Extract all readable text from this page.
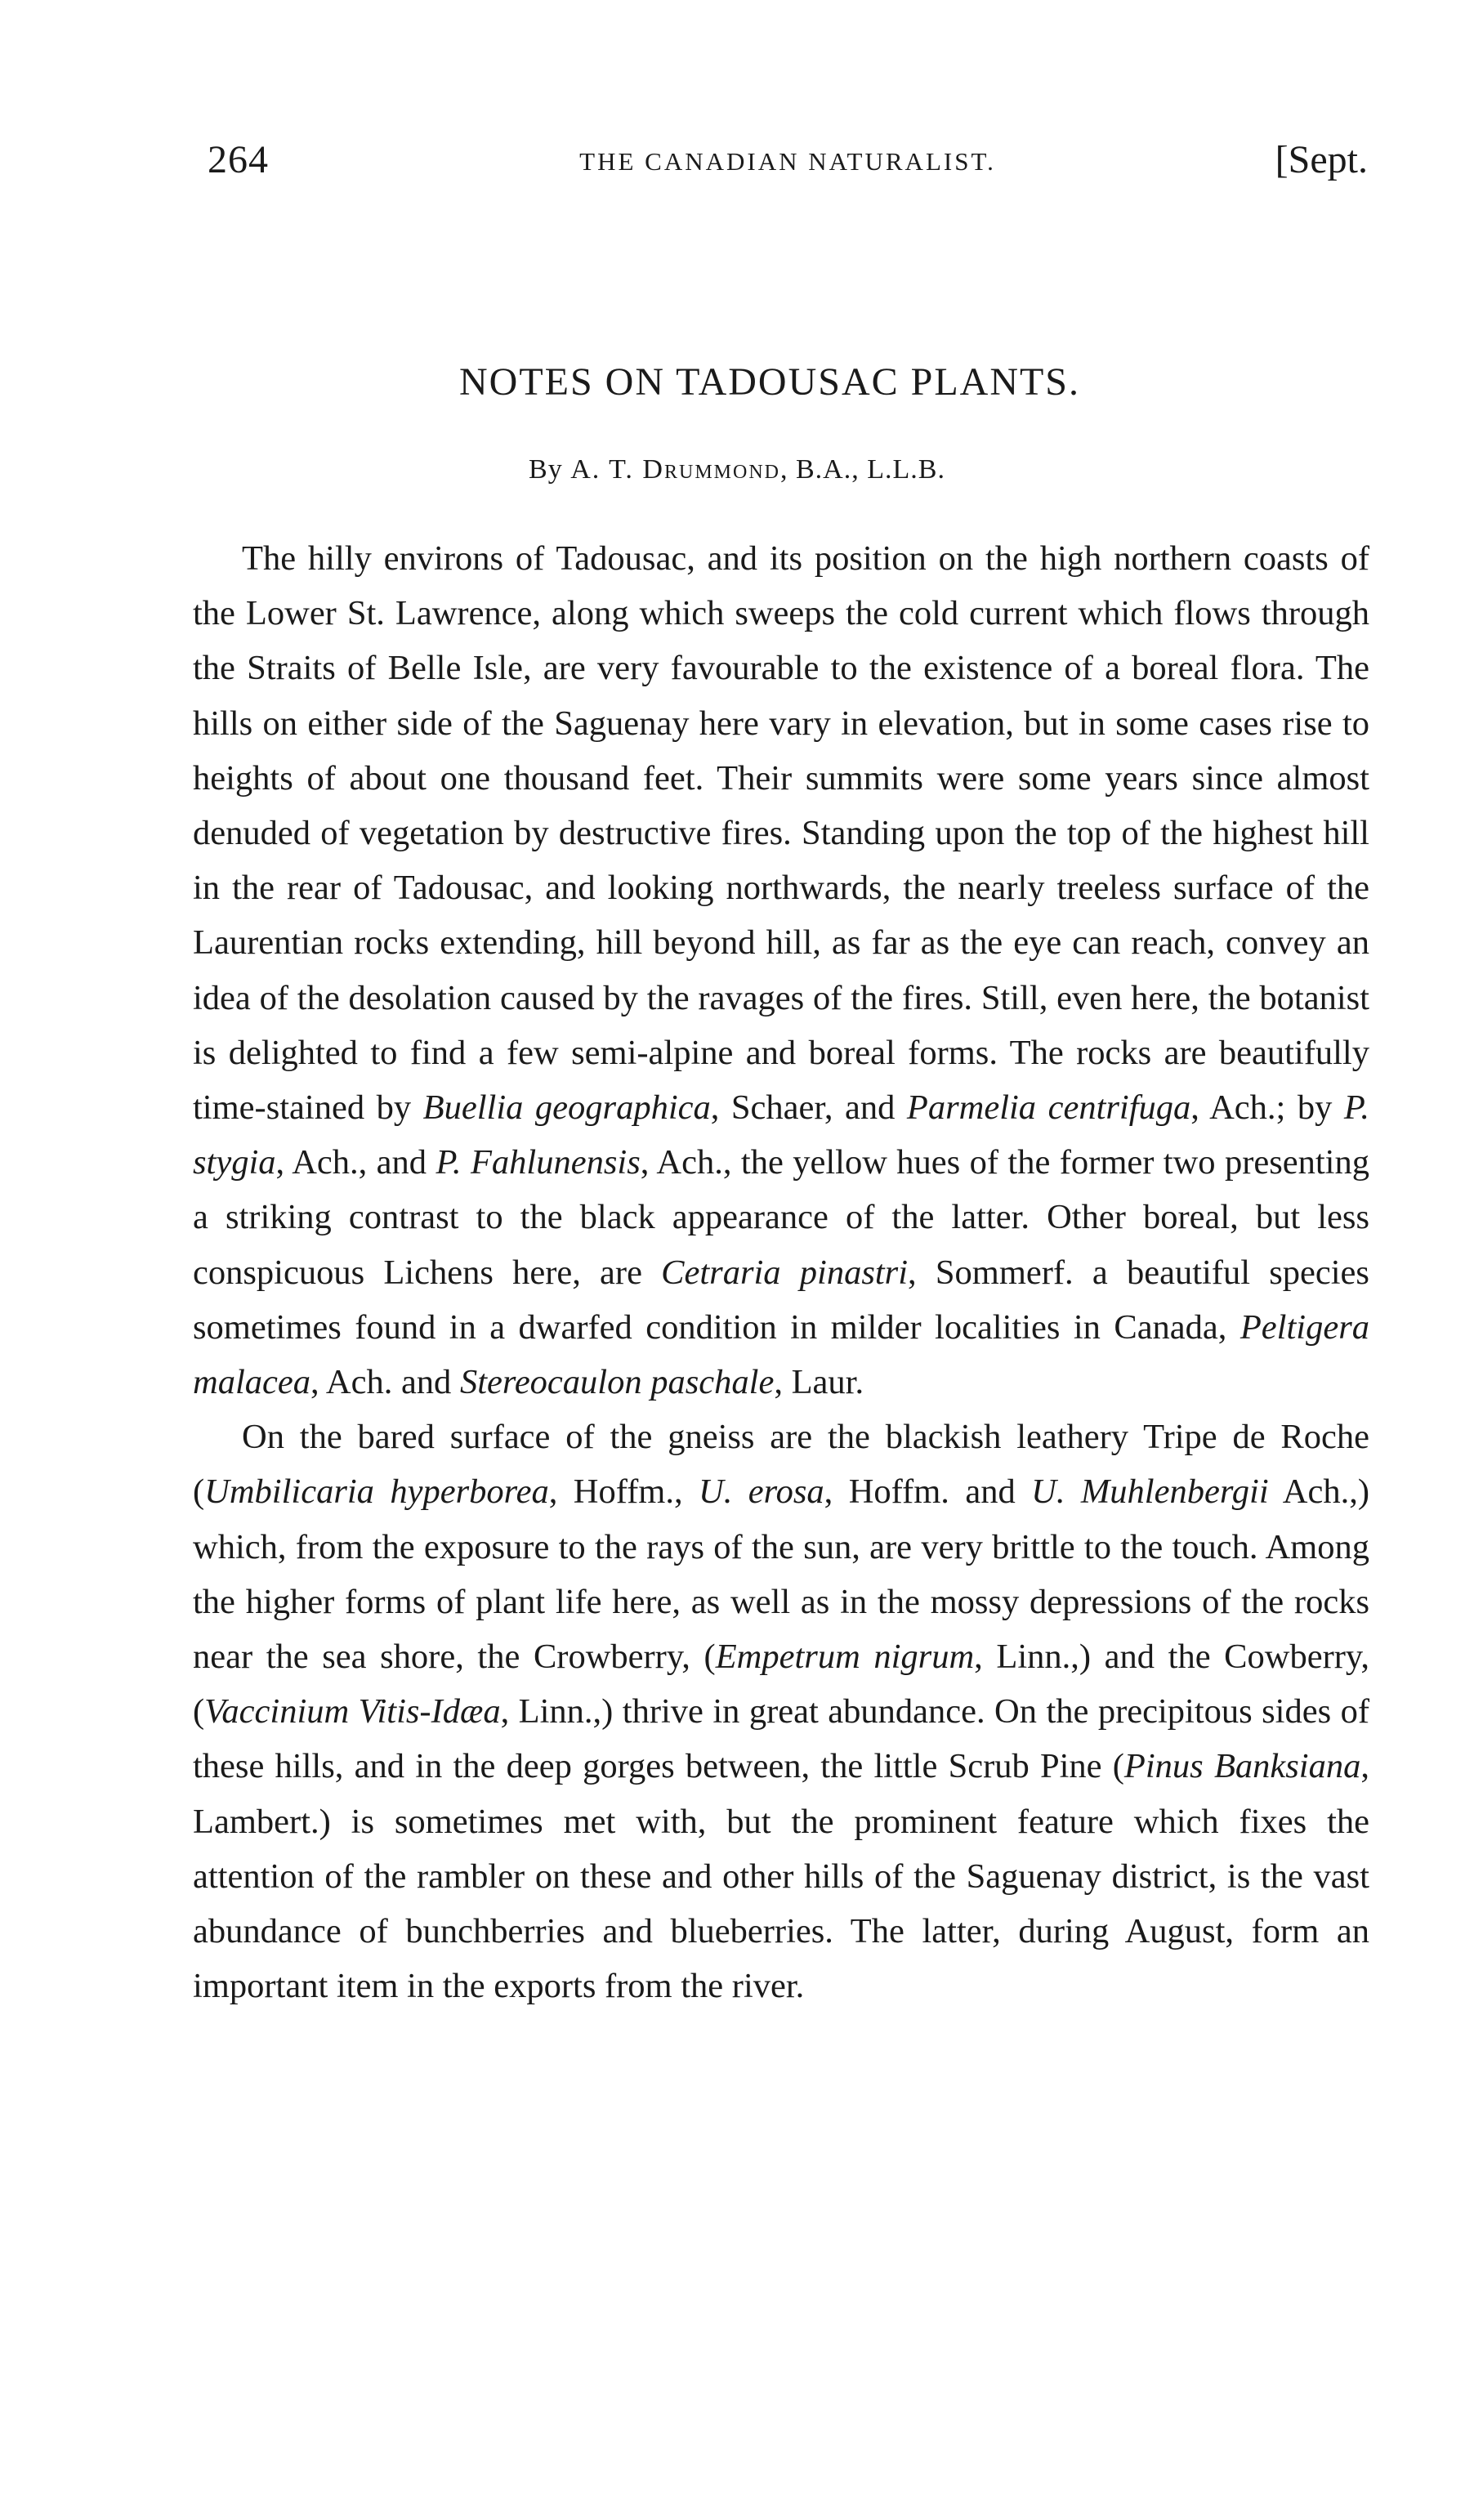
264	THE CANADIAN NATURALIST.	[Sept.
NOTES ON TADOUSAC PLANTS.
By A. T. Drummond, B.A., L.L.B.

The hilly environs of Tadousac, and its position on the high northern coasts of the Lower St. Lawrence, along which sweeps the cold current which flows through the Straits of Belle Isle, are very favourable to the existence of a boreal flora. The hills on either side of the Saguenay here vary in elevation, but in some cases rise to heights of about one thousand feet. Their summits were some years since almost denuded of vegetation by destructive fires. Standing upon the top of the highest hill in the rear of Tadousac, and looking northwards, the nearly treeless surface of the Laurentian rocks extending, hill beyond hill, as far as the eye can reach, convey an idea of the desolation caused by the ravages of the fires. Still, even here, the botanist is delighted to find a few semi-alpine and boreal forms. The rocks are beautifully time-stained by Buellia geographica, Schaer, and Parmelia centrifuga, Ach.; by P. stygia, Ach., and P. Fahlunensis, Ach., the yellow hues of the former two presenting a striking contrast to the black appearance of the latter. Other boreal, but less conspicuous Lichens here, are Cetraria pinastri, Sommerf. a beautiful species sometimes found in a dwarfed condition in milder localities in Canada, Peltigera malacea, Ach. and Stereocaulon paschale, Laur.

On the bared surface of the gneiss are the blackish leathery Tripe de Roche (Umbilicaria hyperborea, Hoffm., U. erosa, Hoffm. and U. Muhlenbergii Ach.,) which, from the exposure to the rays of the sun, are very brittle to the touch. Among the higher forms of plant life here, as well as in the mossy depressions of the rocks near the sea shore, the Crowberry, (Empetrum nigrum, Linn.,) and the Cowberry, (Vaccinium Vitis-Idæa, Linn.,) thrive in great abundance. On the precipitous sides of these hills, and in the deep gorges between, the little Scrub Pine (Pinus Banksiana, Lambert.) is sometimes met with, but the prominent feature which fixes the attention of the rambler on these and other hills of the Saguenay district, is the vast abundance of bunchberries and blueberries. The latter, during August, form an important item in the exports from the river.
